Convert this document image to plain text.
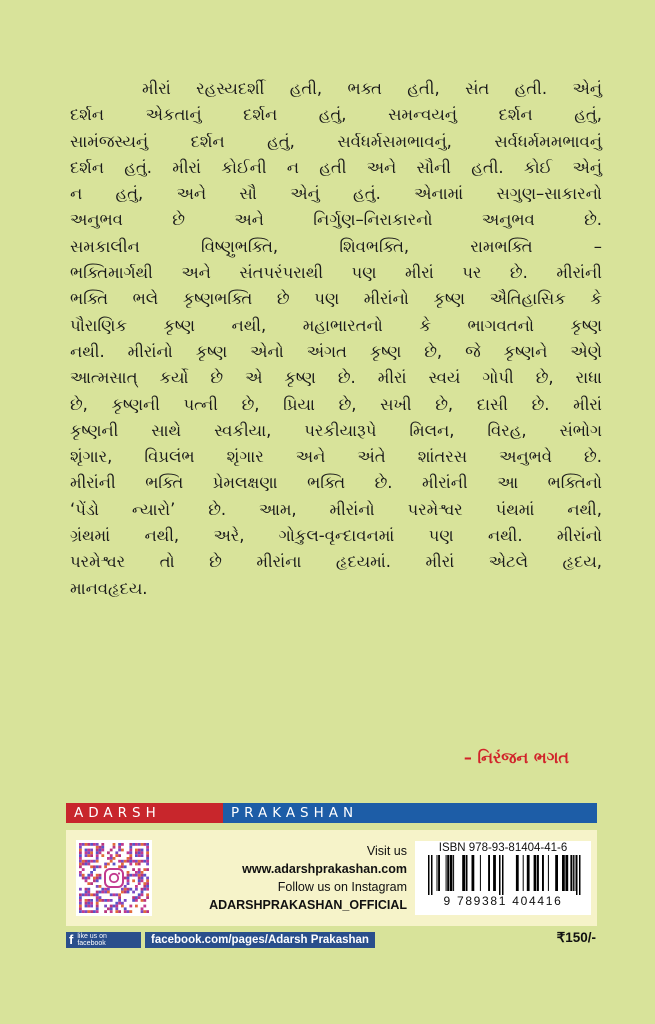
મીરાં રહસ્યદર્શી હતી, ભક્ત હતી, સંત હતી. એનું
દર્શન	એકતાનું	દર્શન	હતું,	સમન્વયનું	દર્શન	હતું,
સામંજસ્યનું	દર્શન	હતું,	સર્વધર્મસમભાવનું,	સર્વધર્મમમભાવનું
દર્શન હતું. મીરાં કોઈની ન હતી અને સૌની હતી. કોઈ એનું
ન હતું, અને સૌ એનું હતું. એનામાં સગુણ–સાકારનો
અનુભવ	છે	અને	નિર્ગુણ–નિરાકારનો	અનુભવ	છે.
સમકાલીન	વિષ્ણુભક્તિ,	શિવભક્તિ,	રામભક્તિ	–
ભક્તિમાર્ગથી અને સંતપરંપરાથી પણ મીરાં પર છે. મીરાંની
ભક્તિ ભલે કૃષ્ણભક્તિ છે પણ મીરાંનો કૃષ્ણ ઐતિહાસિક કે
પૌરાણિક કૃષ્ણ નથી, મહાભારતનો કે ભાગવતનો કૃષ્ણ
નથી. મીરાંનો કૃષ્ણ એનો અંગત કૃષ્ણ છે, જે કૃષ્ણને એણે
આત્મસાત્ કર્યો છે એ કૃષ્ણ છે. મીરાં સ્વયં ગોપી છે, રાધા
છે, કૃષ્ણની પત્ની છે, પ્રિયા છે, સખી છે, દાસી છે. મીરાં
કૃષ્ણની સાથે સ્વકીયા, પરકીયારૂપે મિલન, વિરહ, સંભોગ
શૃંગાર, વિપ્રલંભ શૃંગાર અને અંતે શાંતરસ અનુભવે છે.
મીરાંની ભક્તિ પ્રેમલક્ષણા ભક્તિ છે. મીરાંની આ ભક્તિનો
‘પેંડો ન્યારો’ છે. આમ, મીરાંનો પરમેશ્વર પંથમાં નથી,
ગ્રંથમાં નથી, અરે, ગોકુલ-વૃન્દાવનમાં પણ નથી. મીરાંનો
પરમેશ્વર તો છે મીરાંના હૃદયમાં. મીરાં એટલે હૃદય,
માનવહૃદય.
– નિરંજન ભગત
ADARSH	PRAKASHAN
Visit us
www.adarshprakashan.com
Follow us on Instagram
ADARSHPRAKASHAN_OFFICIAL
ISBN 978-93-81404-41-6
9 789381 404416
f like us on
facebook	facebook.com/pages/Adarsh Prakashan	₹150/-
